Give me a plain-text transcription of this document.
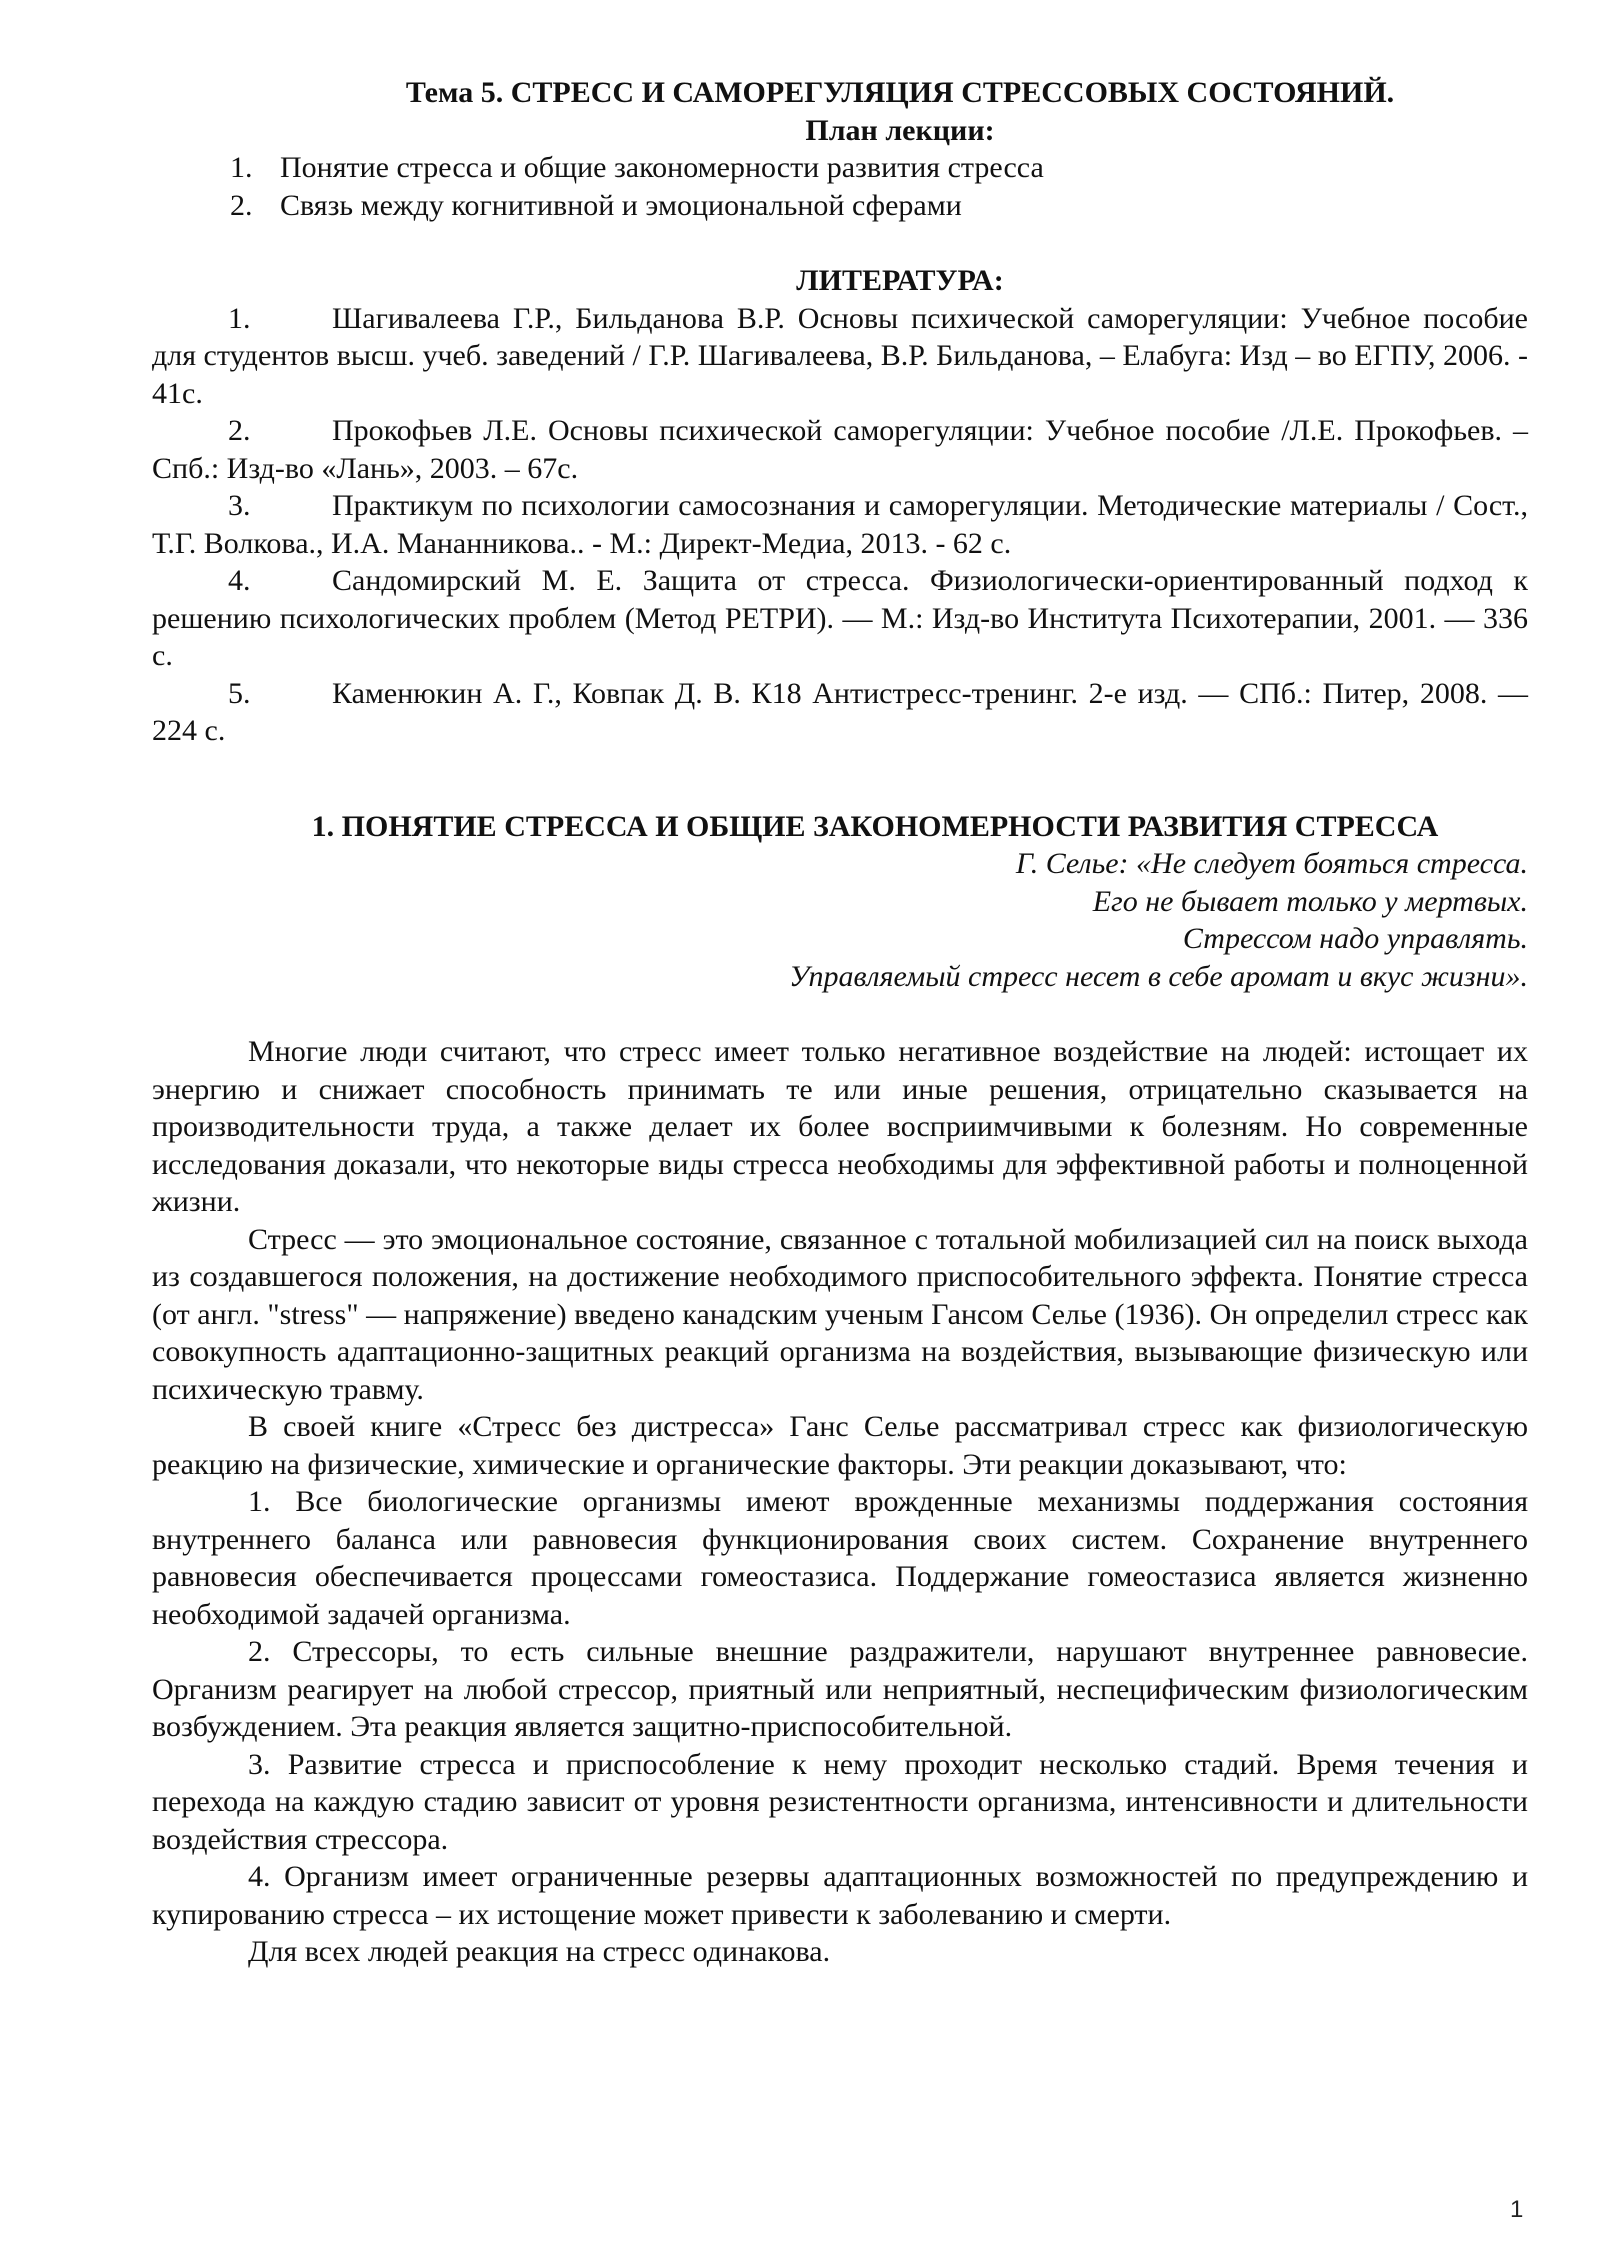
Тема 5. СТРЕСС И САМОРЕГУЛЯЦИЯ СТРЕССОВЫХ СОСТОЯНИЙ.

План лекции:

1. Понятие стресса и общие закономерности развития стресса

2. Связь между когнитивной и эмоциональной сферами

ЛИТЕРАТУРА:

1.	Шагивалеева Г.Р., Бильданова В.Р. Основы психической саморегуляции: Учебное пособие для студентов высш. учеб. заведений / Г.Р. Шагивалеева, В.Р. Бильданова, – Елабуга: Изд – во ЕГПУ, 2006. - 41с.

2.	Прокофьев Л.Е. Основы психической саморегуляции: Учебное пособие /Л.Е. Прокофьев. – Спб.: Изд-во «Лань», 2003. – 67с.

3.	Практикум по психологии самосознания и саморегуляции. Методические материалы / Сост., Т.Г. Волкова., И.А. Мананникова.. - М.: Директ-Медиа, 2013. - 62 с.

4.	Сандомирский М. Е. Защита от стресса. Физиологически-ориентированный подход к решению психологических проблем (Метод РЕТРИ). — М.: Изд-во Института Психотерапии, 2001. — 336 с.

5.	Каменюкин А. Г., Ковпак Д. В. К18 Антистресс-тренинг. 2-е изд. — СПб.: Питер, 2008. — 224 с.

1. ПОНЯТИЕ СТРЕССА И ОБЩИЕ ЗАКОНОМЕРНОСТИ РАЗВИТИЯ СТРЕССА

Г. Селье: «Не следует бояться стресса.

Его не бывает только у мертвых.

Стрессом надо управлять.

Управляемый стресс несет в себе аромат и вкус жизни».

Многие люди считают, что стресс имеет только негативное воздействие на людей: истощает их энергию и снижает способность принимать те или иные решения, отрицательно сказывается на производительности труда, а также делает их более восприимчивыми к болезням. Но современные исследования доказали, что некоторые виды стресса необходимы для эффективной работы и полноценной жизни.

Стресс — это эмоциональное состояние, связанное с тотальной мобилизацией сил на поиск выхода из создавшегося положения, на достижение необходимого приспособительного эффекта. Понятие стресса (от англ. "stress" — напряжение) введено канадским ученым Гансом Селье (1936). Он определил стресс как совокупность адаптационно-защитных реакций организма на воздействия, вызывающие физическую или психическую травму.

В своей книге «Стресс без дистресса» Ганс Селье рассматривал стресс как физиологическую реакцию на физические, химические и органические факторы. Эти реакции доказывают, что:

1. Все биологические организмы имеют врожденные механизмы поддержания состояния внутреннего баланса или равновесия функционирования своих систем. Сохранение внутреннего равновесия обеспечивается процессами гомеостазиса. Поддержание гомеостазиса является жизненно необходимой задачей организма.

2. Стрессоры, то есть сильные внешние раздражители, нарушают внутреннее равновесие. Организм реагирует на любой стрессор, приятный или неприятный, неспецифическим физиологическим возбуждением. Эта реакция является защитно-приспособительной.

3. Развитие стресса и приспособление к нему проходит несколько стадий. Время течения и перехода на каждую стадию зависит от уровня резистентности организма, интенсивности и длительности воздействия стрессора.

4. Организм имеет ограниченные резервы адаптационных возможностей по предупреждению и купированию стресса – их истощение может привести к заболеванию и смерти.

Для всех людей реакция на стресс одинакова.

1
